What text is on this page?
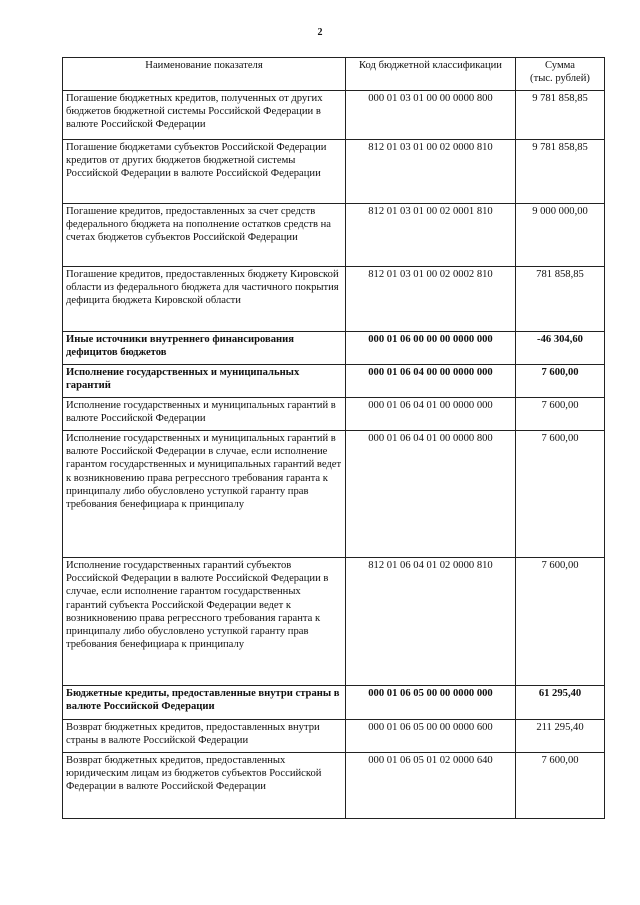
2
Наименование показателя	Код бюджетной классификации	Сумма
(тыс. рублей)
Погашение бюджетных кредитов, полученных от других бюджетов бюджетной системы Российской Федерации в валюте Российской Федерации	000 01 03 01 00 00 0000 800	9 781 858,85
Погашение бюджетами субъектов Российской Федерации кредитов от других бюджетов бюджетной системы Российской Федерации в валюте Российской Федерации	812 01 03 01 00 02 0000 810	9 781 858,85
Погашение кредитов, предоставленных за счет средств федерального бюджета на пополнение остатков средств на счетах бюджетов субъектов Российской Федерации	812 01 03 01 00 02 0001 810	9 000 000,00
Погашение кредитов, предоставленных бюджету Кировской области из федерального бюджета для частичного покрытия дефицита бюджета Кировской области	812 01 03 01 00 02 0002 810	781 858,85
Иные источники внутреннего финансирования дефицитов бюджетов	000 01 06 00 00 00 0000 000	-46 304,60
Исполнение государственных и муниципальных гарантий	000 01 06 04 00 00 0000 000	7 600,00
Исполнение государственных и муниципальных гарантий в валюте Российской Федерации	000 01 06 04 01 00 0000 000	7 600,00
Исполнение государственных и муниципальных гарантий в валюте Российской Федерации в случае, если исполнение гарантом государственных и муниципальных гарантий ведет к возникновению права регрессного требования гаранта к принципалу либо обусловлено уступкой гаранту прав требования бенефициара к принципалу	000 01 06 04 01 00 0000 800	7 600,00
Исполнение государственных гарантий субъектов Российской Федерации в валюте Российской Федерации в случае, если исполнение гарантом государственных гарантий субъекта Российской Федерации ведет к возникновению права регрессного требования гаранта к принципалу либо обусловлено уступкой гаранту прав требования бенефициара к принципалу	812 01 06 04 01 02 0000 810	7 600,00
Бюджетные кредиты, предоставленные внутри страны в валюте Российской Федерации	000 01 06 05 00 00 0000 000	61 295,40
Возврат бюджетных кредитов, предоставленных внутри страны в валюте Российской Федерации	000 01 06 05 00 00 0000 600	211 295,40
Возврат бюджетных кредитов, предоставленных юридическим лицам из бюджетов субъектов Российской Федерации в валюте Российской Федерации	000 01 06 05 01 02 0000 640	7 600,00
